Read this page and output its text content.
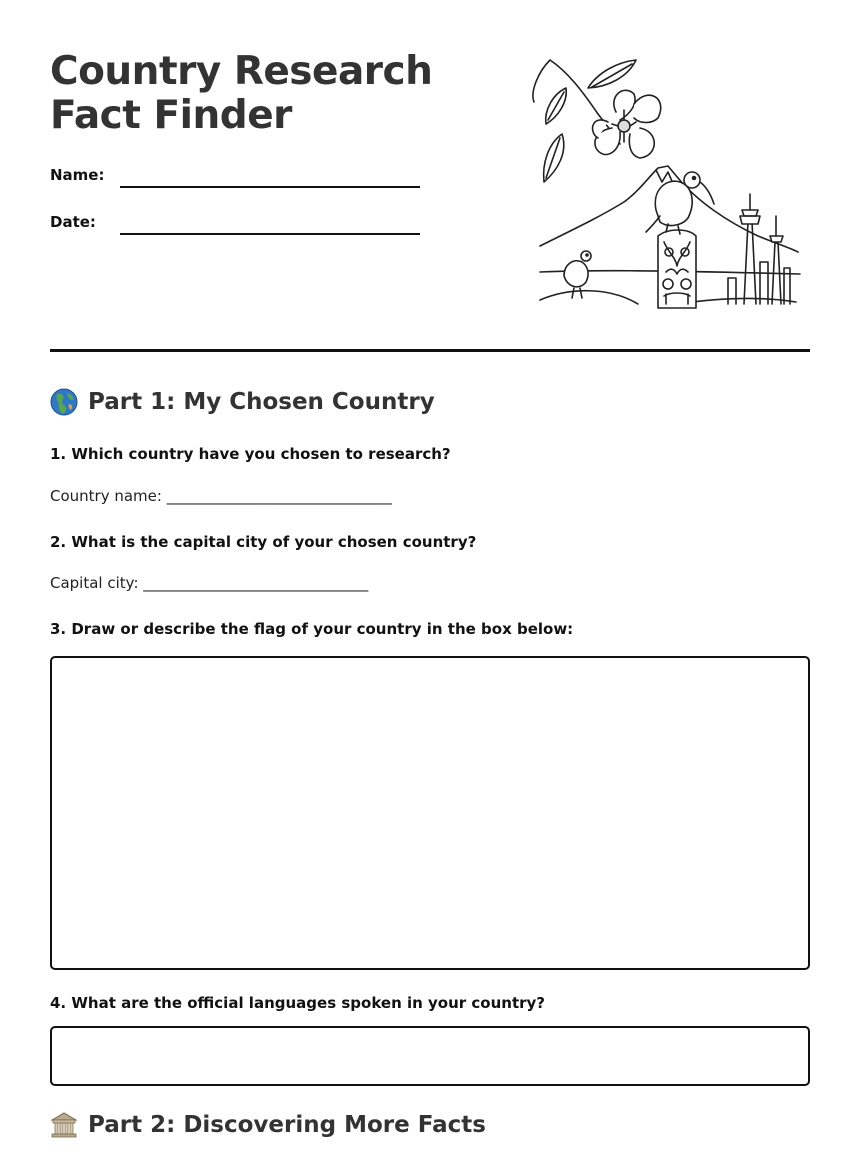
Country Research Fact Finder
Name:
Date:
Part 1: My Chosen Country

1. Which country have you chosen to research?

Country name: ______________________________

2. What is the capital city of your chosen country?

Capital city: ______________________________

3. Draw or describe the flag of your country in the box below:

4. What are the official languages spoken in your country?

Part 2: Discovering More Facts
